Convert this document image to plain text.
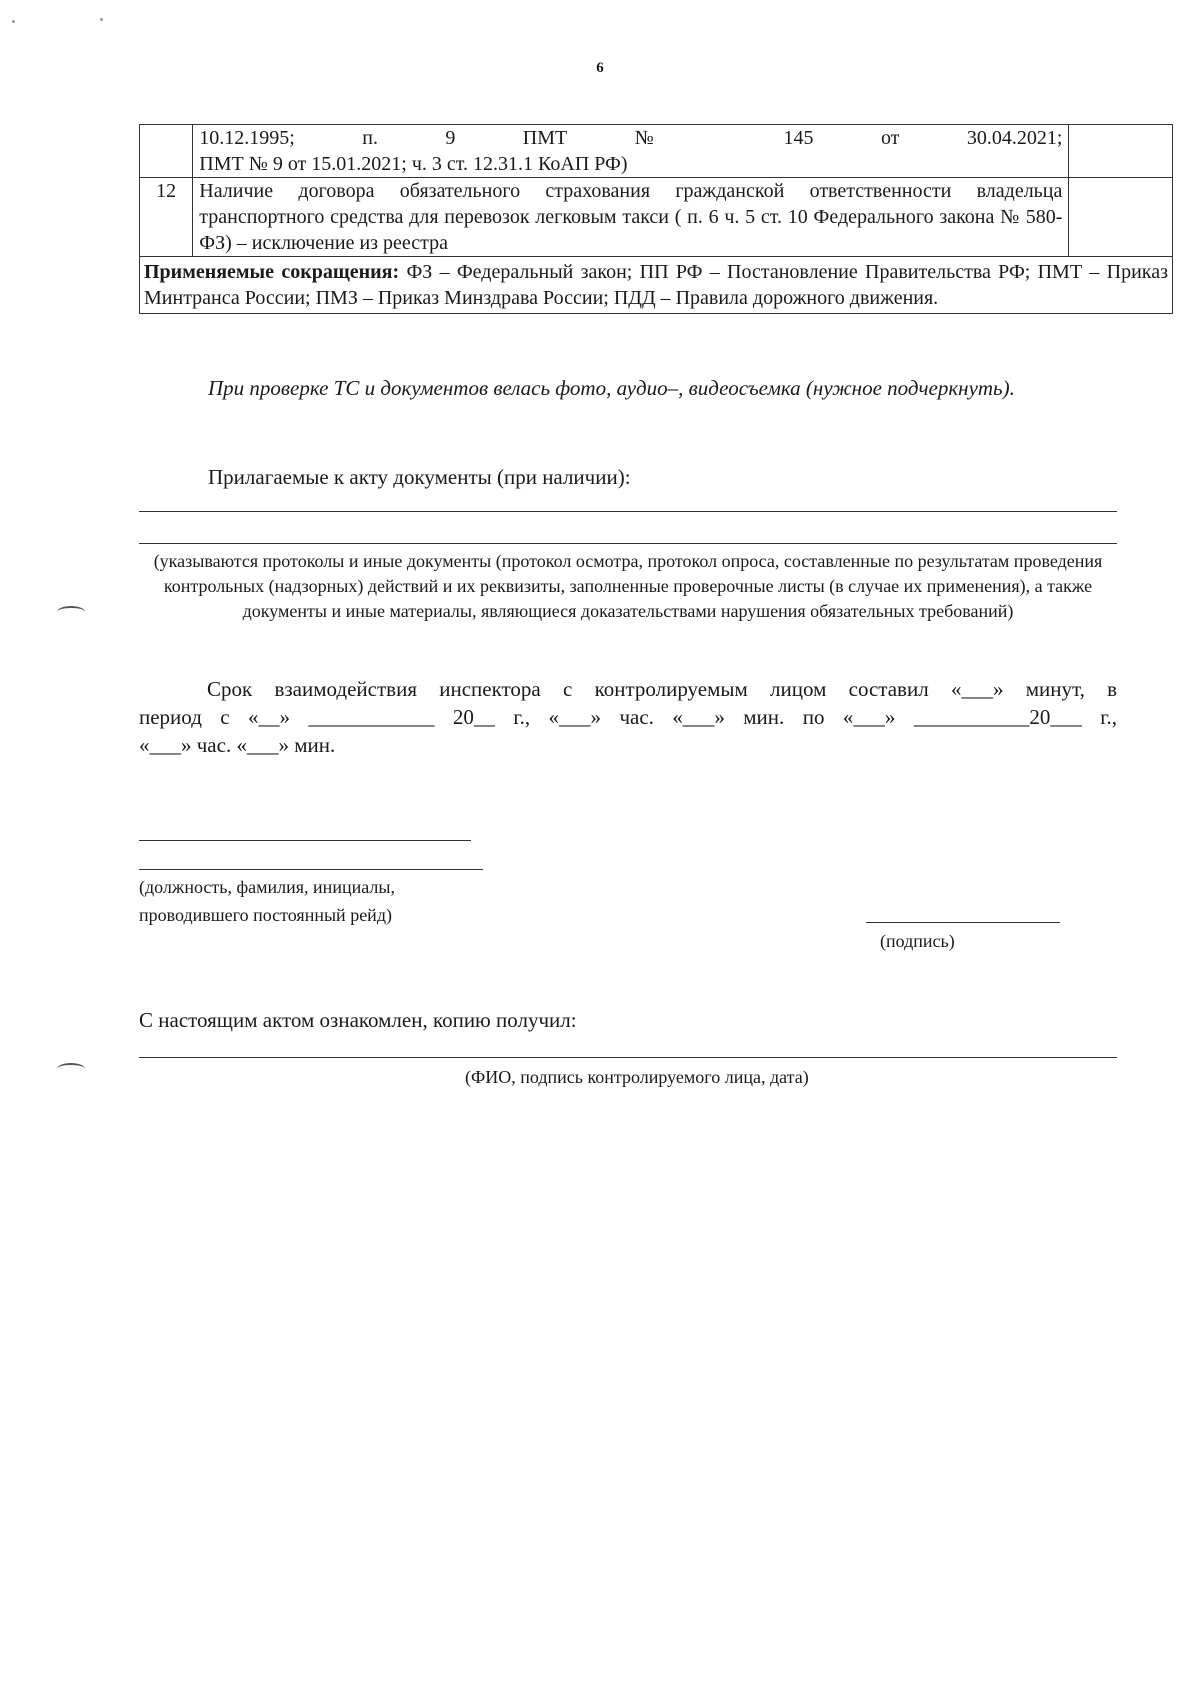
6

	10.12.1995; п. 9 ПМТ № 145 от 30.04.2021;
ПМТ № 9 от 15.01.2021; ч. 3 ст. 12.31.1 КоАП РФ)	
12	Наличие договора обязательного страхования гражданской ответственности владельца транспортного средства для перевозок легковым такси ( п. 6 ч. 5 ст. 10 Федерального закона № 580-ФЗ) – исключение из реестра	
Применяемые сокращения: ФЗ – Федеральный закон; ПП РФ – Постановление Правительства РФ; ПМТ – Приказ Минтранса России; ПМЗ – Приказ Минздрава России; ПДД – Правила дорожного движения.		
При проверке ТС и документов велась фото, аудио–, видеосъемка (нужное подчеркнуть).
Прилагаемые к акту документы (при наличии):
(указываются протоколы и иные документы (протокол осмотра, протокол опроса, составленные по результатам проведения контрольных (надзорных) действий и их реквизиты, заполненные проверочные листы (в случае их применения), а также документы и иные материалы, являющиеся доказательствами нарушения обязательных требований)
Срок взаимодействия инспектора с контролируемым лицом составил «___» минут, в
период с «__» ____________ 20__ г., «___» час. «___» мин. по «___» ___________20___ г.,
«___» час. «___» мин.
(должность, фамилия, инициалы,
проводившего постоянный рейд)
(подпись)
С настоящим актом ознакомлен, копию получил:
(ФИО, подпись контролируемого лица, дата)
